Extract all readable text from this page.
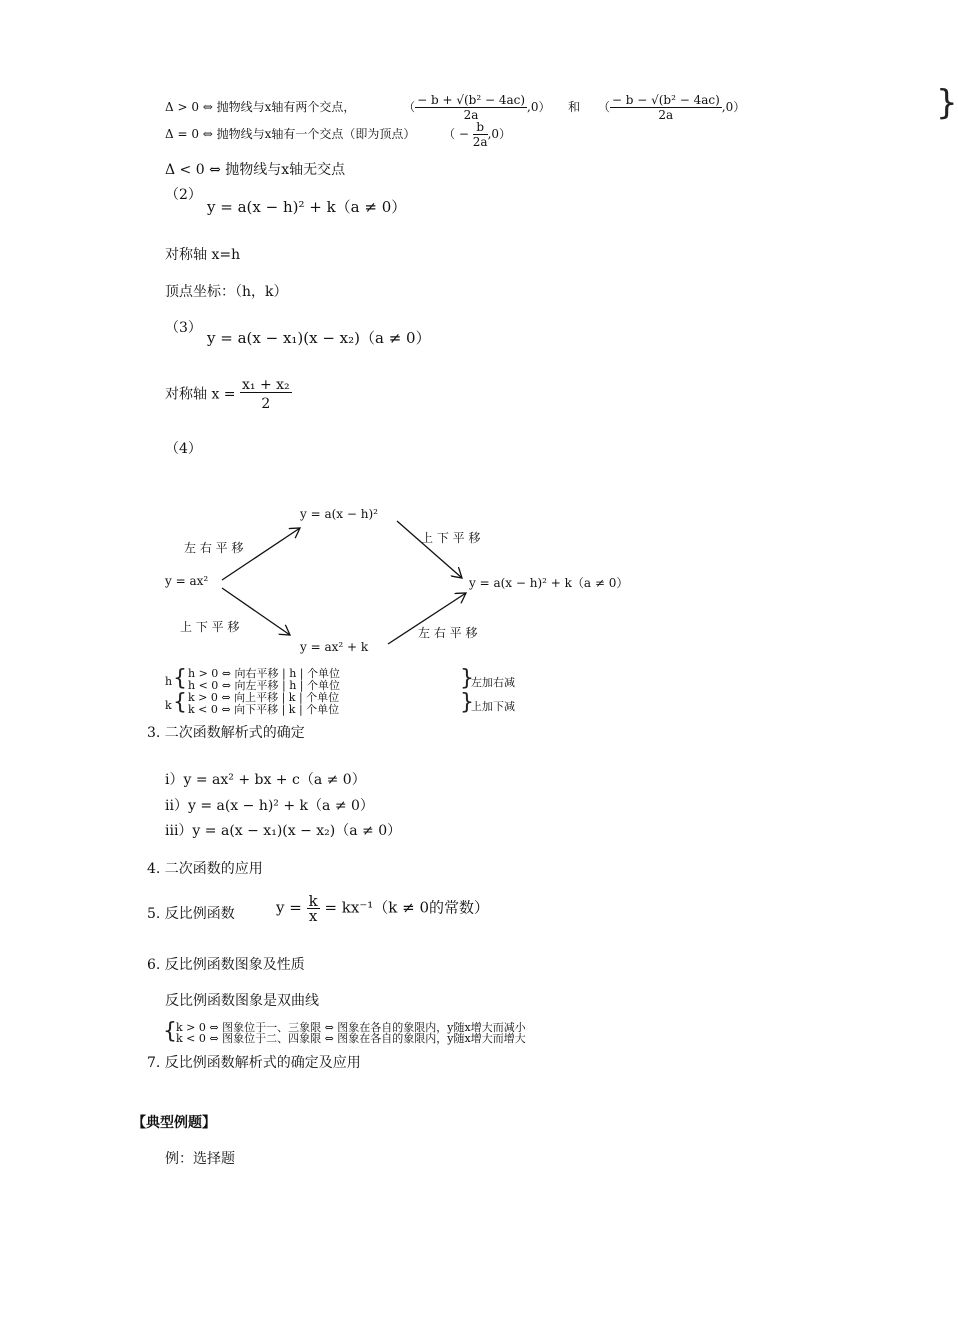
Δ > 0 ⇔ 抛物线与x轴有两个交点，	（ $\frac{\text{− b + √(b² − 4ac)}}{2a} ,0$） 和 （ $\frac{\text{− b − √(b² − 4ac)}}{2a} ,0$）	}
Δ = 0 ⇔ 抛物线与x轴有一个交点（即为顶点） （ − $\frac{b}{2a} ,0$）
Δ < 0 ⇔ 抛物线与x轴无交点
（2）
y = a(x − h)² + k（a ≠ 0）
对称轴 x=h
顶点坐标：（h，k）
（3）
y = a(x − x₁)(x − x₂)（a ≠ 0）
对称轴 $x = \frac{\text{x₁ + x₂}}{2}$
（4）
y = a(x − h)²
y = ax²
y = ax² + k
y = a(x − h)² + k（a ≠ 0）
左 右 平 移
上 下 平 移
上 下 平 移
左 右 平 移
h { h > 0 ⇔ 向右平移 | h | 个单位
h < 0 ⇔ 向左平移 | h | 个单位	}
左加右减
k { k > 0 ⇔ 向上平移 | k | 个单位
k < 0 ⇔ 向下平移 | k | 个单位	}
上加下减
3. 二次函数解析式的确定
i）y = ax² + bx + c（a ≠ 0）
ii）y = a(x − h)² + k（a ≠ 0）
iii）y = a(x − x₁)(x − x₂)（a ≠ 0）
4. 二次函数的应用
5. 反比例函数	$y = \frac{k}{x} = kx^{-1}(k \ne 0$的常数）
6. 反比例函数图象及性质
反比例函数图象是双曲线
{ k > 0 ⇔ 图象位于一、三象限 ⇔ 图象在各自的象限内，y随x增大而减小
k < 0 ⇔ 图象位于二、四象限 ⇔ 图象在各自的象限内，y随x增大而增大
7. 反比例函数解析式的确定及应用
【典型例题】
例：选择题
